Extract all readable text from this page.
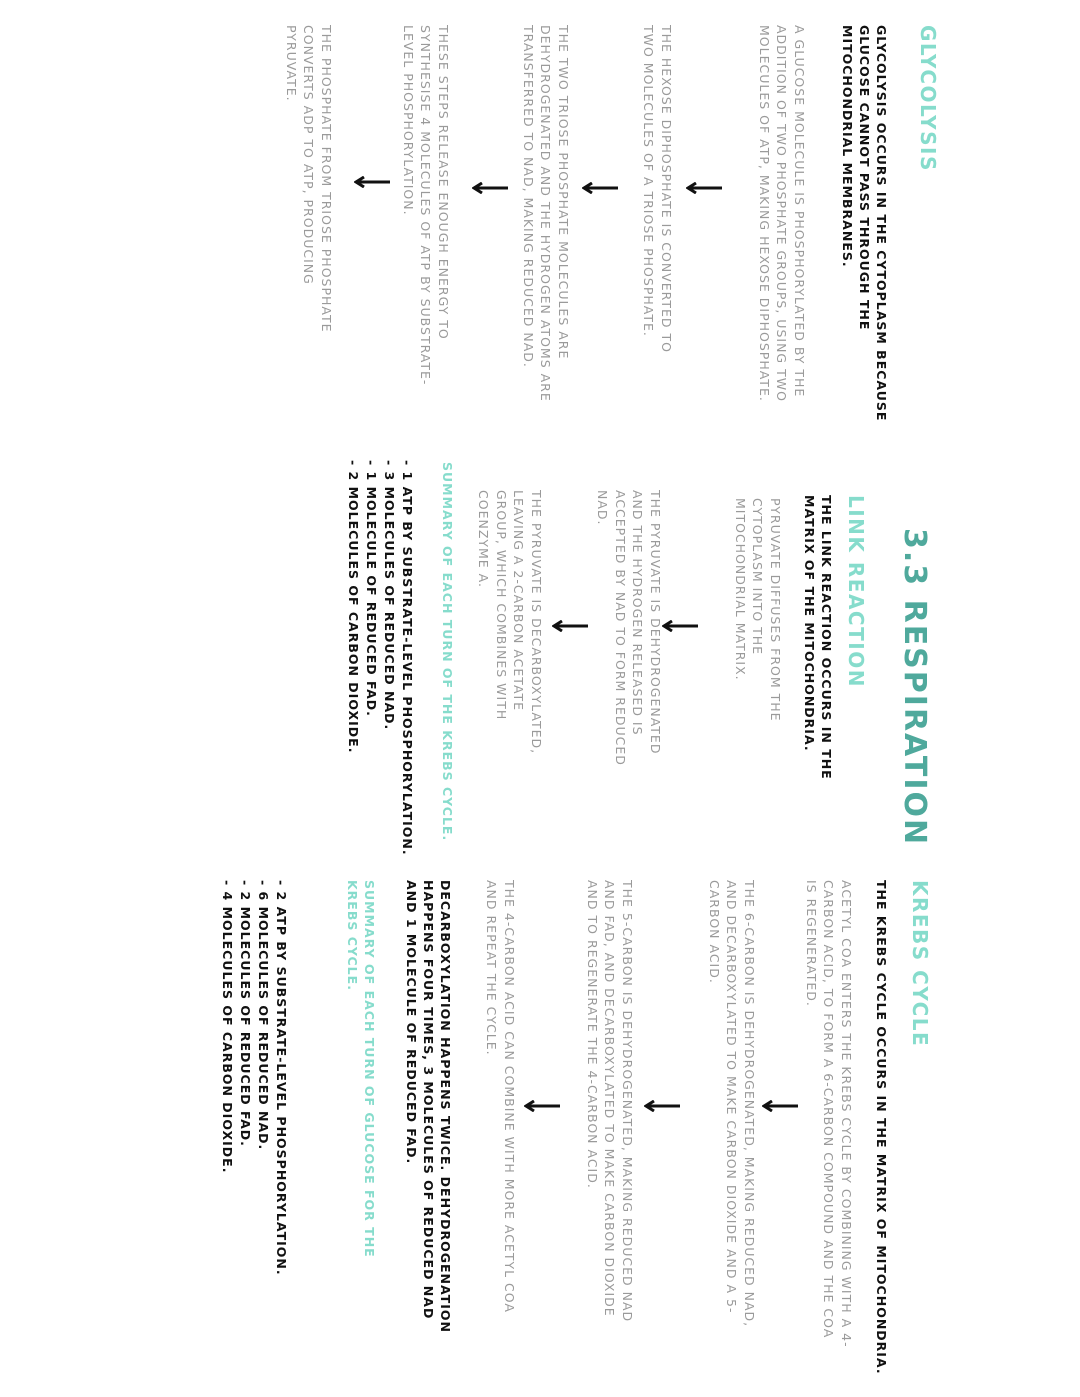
GLYCOLYSIS
GLYCOLYSIS OCCURS IN THE CYTOPLASM BECAUSE GLUCOSE CANNOT PASS THROUGH THE MITOCHONDRIAL MEMBRANES.
A GLUCOSE MOLECULE IS PHOSPHORYLATED BY THE ADDITION OF TWO PHOSPHATE GROUPS, USING TWO MOLECULES OF ATP, MAKING HEXOSE DIPHOSPHATE.
THE HEXOSE DIPHOSPHATE IS CONVERTED TO TWO MOLECULES OF A TRIOSE PHOSPHATE.
THE TWO TRIOSE PHOSPHATE MOLECULES ARE DEHYDROGENATED AND THE HYDROGEN ATOMS ARE TRANSFERRED TO NAD, MAKING REDUCED NAD.
THESE STEPS RELEASE ENOUGH ENERGY TO SYNTHESISE 4 MOLECULES OF ATP BY SUBSTRATE-LEVEL PHOSPHORYLATION.
THE PHOSPHATE FROM TRIOSE PHOSPHATE CONVERTS ADP TO ATP, PRODUCING PYRUVATE.
3.3 RESPIRATION
LINK REACTION
THE LINK REACTION OCCURS IN THE MATRIX OF THE MITOCHONDRIA.
PYRUVATE DIFFUSES FROM THE CYTOPLASM INTO THE MITOCHONDRIAL MATRIX.
THE PYRUVATE IS DEHYDROGENATED AND THE HYDROGEN RELEASED IS ACCEPTED BY NAD TO FORM REDUCED NAD.
THE PYRUVATE IS DECARBOXYLATED, LEAVING A 2-CARBON ACETATE GROUP, WHICH COMBINES WITH COENZYME A.
SUMMARY OF EACH TURN OF THE KREBS CYCLE.
- 1 ATP BY SUBSTRATE-LEVEL PHOSPHORYLATION.
- 3 MOLECULES OF REDUCED NAD.
- 1 MOLECULE OF REDUCED FAD.
- 2 MOLECULES OF CARBON DIOXIDE.
KREBS CYCLE
THE KREBS CYCLE OCCURS IN THE MATRIX OF MITOCHONDRIA.
ACETYL COA ENTERS THE KREBS CYCLE BY COMBINING WITH A 4-CARBON ACID, TO FORM A 6-CARBON COMPOUND AND THE COA IS REGENERATED.
THE 6-CARBON IS DEHYDROGENATED, MAKING REDUCED NAD, AND DECARBOXYLATED TO MAKE CARBON DIOXIDE AND A 5-CARBON ACID.
THE 5-CARBON IS DEHYDROGENATED, MAKING REDUCED NAD AND FAD, AND DECARBOXYLATED TO MAKE CARBON DIOXIDE AND TO REGENERATE THE 4-CARBON ACID.
THE 4-CARBON ACID CAN COMBINE WITH MORE ACETYL COA AND REPEAT THE CYCLE.
DECARBOXYLATION HAPPENS TWICE. DEHYDROGENATION HAPPENS FOUR TIMES, 3 MOLECULES OF REDUCED NAD AND 1 MOLECULE OF REDUCED FAD.
SUMMARY OF EACH TURN OF GLUCOSE FOR THE KREBS CYCLE.
- 2 ATP BY SUBSTRATE-LEVEL PHOSPHORYLATION.
- 6 MOLECULES OF REDUCED NAD.
- 2 MOLECULES OF REDUCED FAD.
- 4 MOLECULES OF CARBON DIOXIDE.
